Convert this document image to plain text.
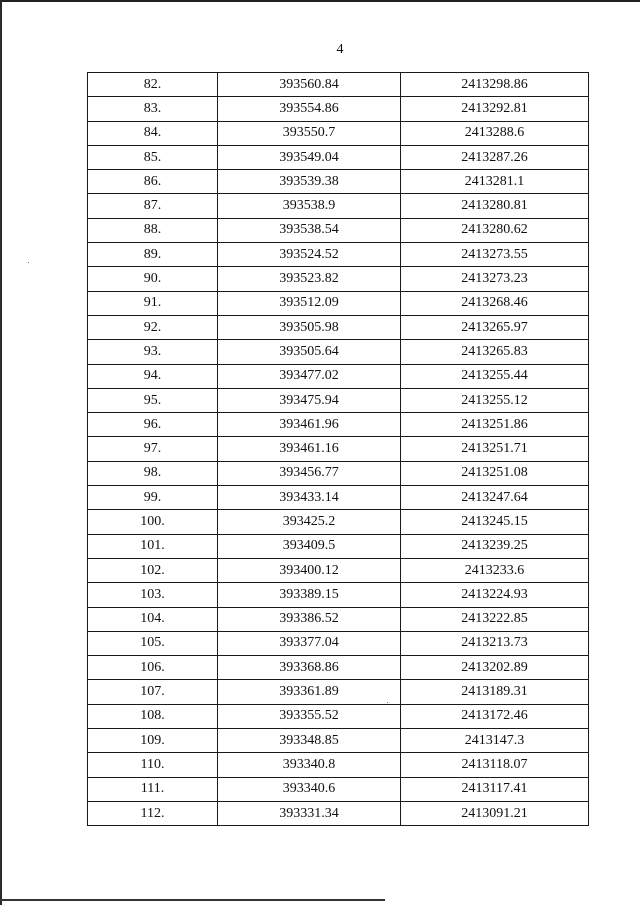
4
82.	393560.84	2413298.86
83.	393554.86	2413292.81
84.	393550.7	2413288.6
85.	393549.04	2413287.26
86.	393539.38	2413281.1
87.	393538.9	2413280.81
88.	393538.54	2413280.62
89.	393524.52	2413273.55
90.	393523.82	2413273.23
91.	393512.09	2413268.46
92.	393505.98	2413265.97
93.	393505.64	2413265.83
94.	393477.02	2413255.44
95.	393475.94	2413255.12
96.	393461.96	2413251.86
97.	393461.16	2413251.71
98.	393456.77	2413251.08
99.	393433.14	2413247.64
100.	393425.2	2413245.15
101.	393409.5	2413239.25
102.	393400.12	2413233.6
103.	393389.15	2413224.93
104.	393386.52	2413222.85
105.	393377.04	2413213.73
106.	393368.86	2413202.89
107.	393361.89	2413189.31
108.	393355.52	2413172.46
109.	393348.85	2413147.3
110.	393340.8	2413118.07
111.	393340.6	2413117.41
112.	393331.34	2413091.21
